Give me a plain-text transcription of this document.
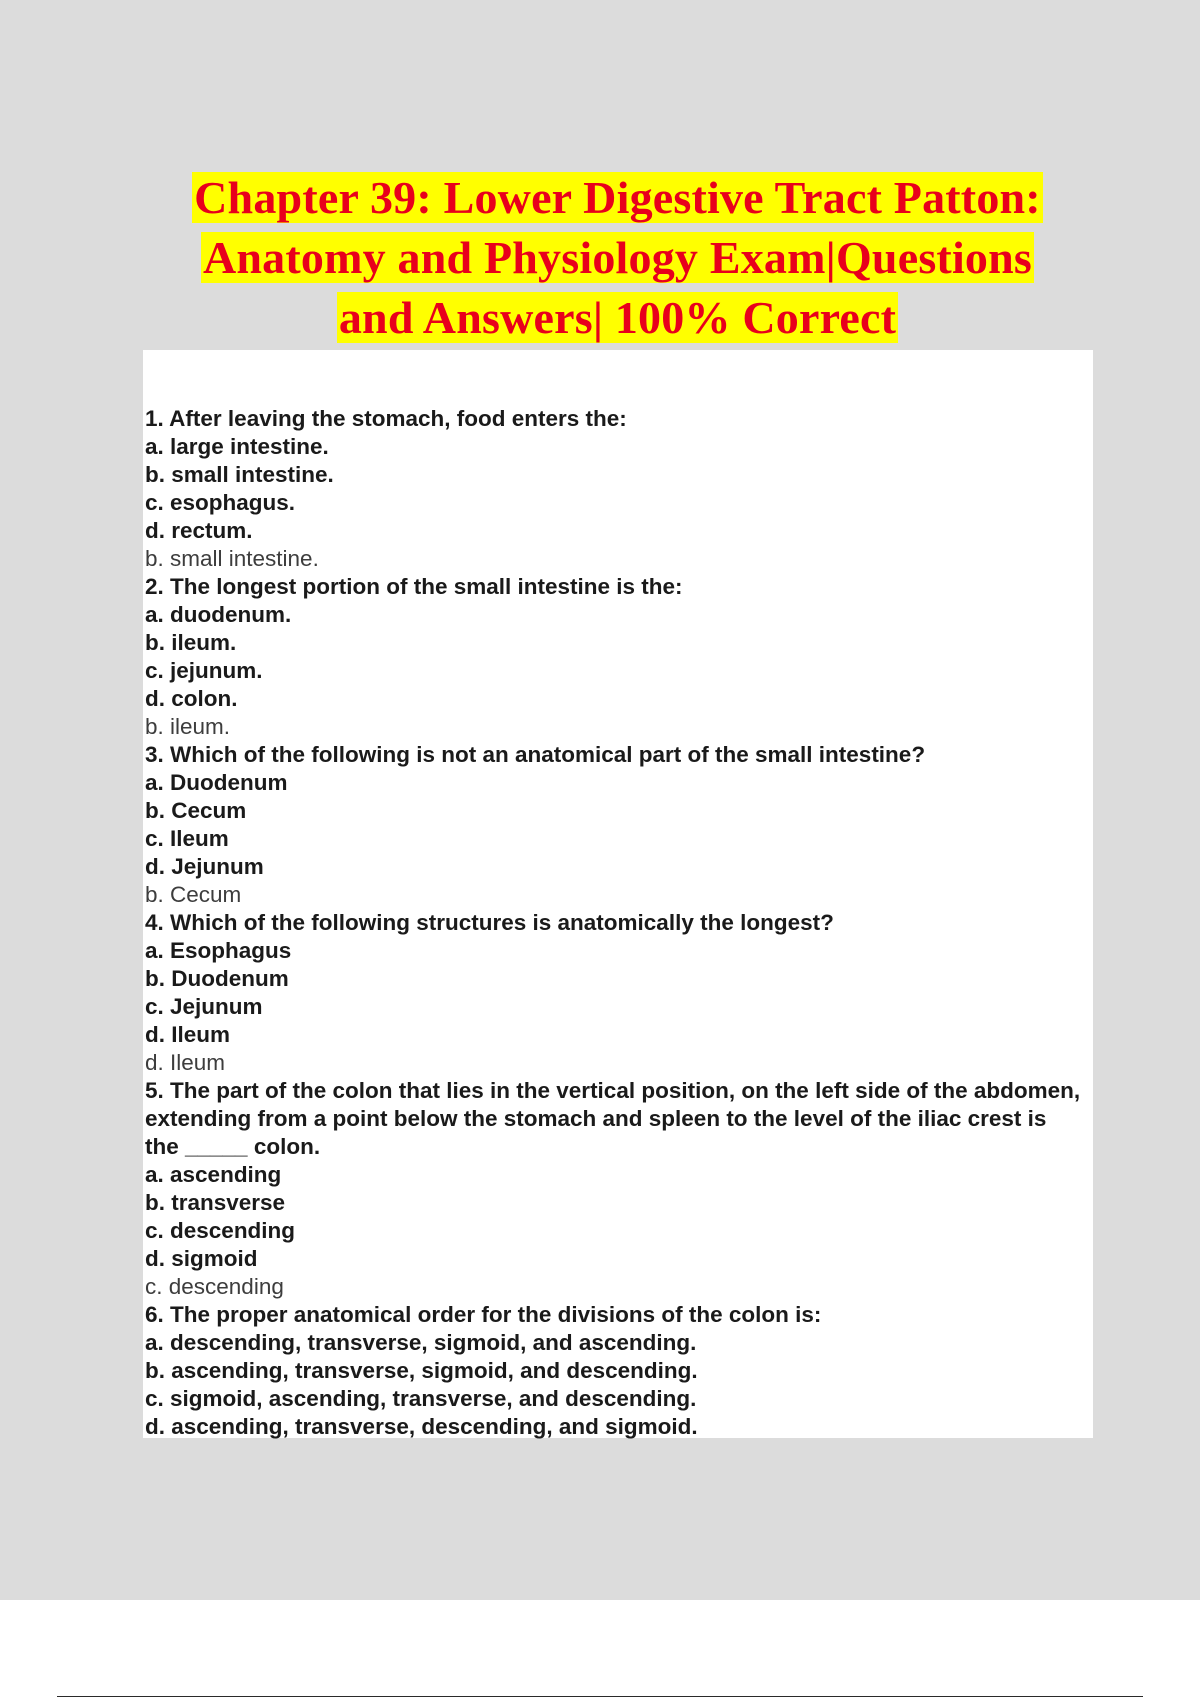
Chapter 39: Lower Digestive Tract Patton:
Anatomy and Physiology Exam|Questions
and Answers| 100% Correct
1. After leaving the stomach, food enters the:
a. large intestine.
b. small intestine.
c. esophagus.
d. rectum.
b. small intestine.
2. The longest portion of the small intestine is the:
a. duodenum.
b. ileum.
c. jejunum.
d. colon.
b. ileum.
3. Which of the following is not an anatomical part of the small intestine?
a. Duodenum
b. Cecum
c. Ileum
d. Jejunum
b. Cecum
4. Which of the following structures is anatomically the longest?
a. Esophagus
b. Duodenum
c. Jejunum
d. Ileum
d. Ileum
5. The part of the colon that lies in the vertical position, on the left side of the abdomen, extending from a point below the stomach and spleen to the level of the iliac crest is the _____ colon.
a. ascending
b. transverse
c. descending
d. sigmoid
c. descending
6. The proper anatomical order for the divisions of the colon is:
a. descending, transverse, sigmoid, and ascending.
b. ascending, transverse, sigmoid, and descending.
c. sigmoid, ascending, transverse, and descending.
d. ascending, transverse, descending, and sigmoid.
